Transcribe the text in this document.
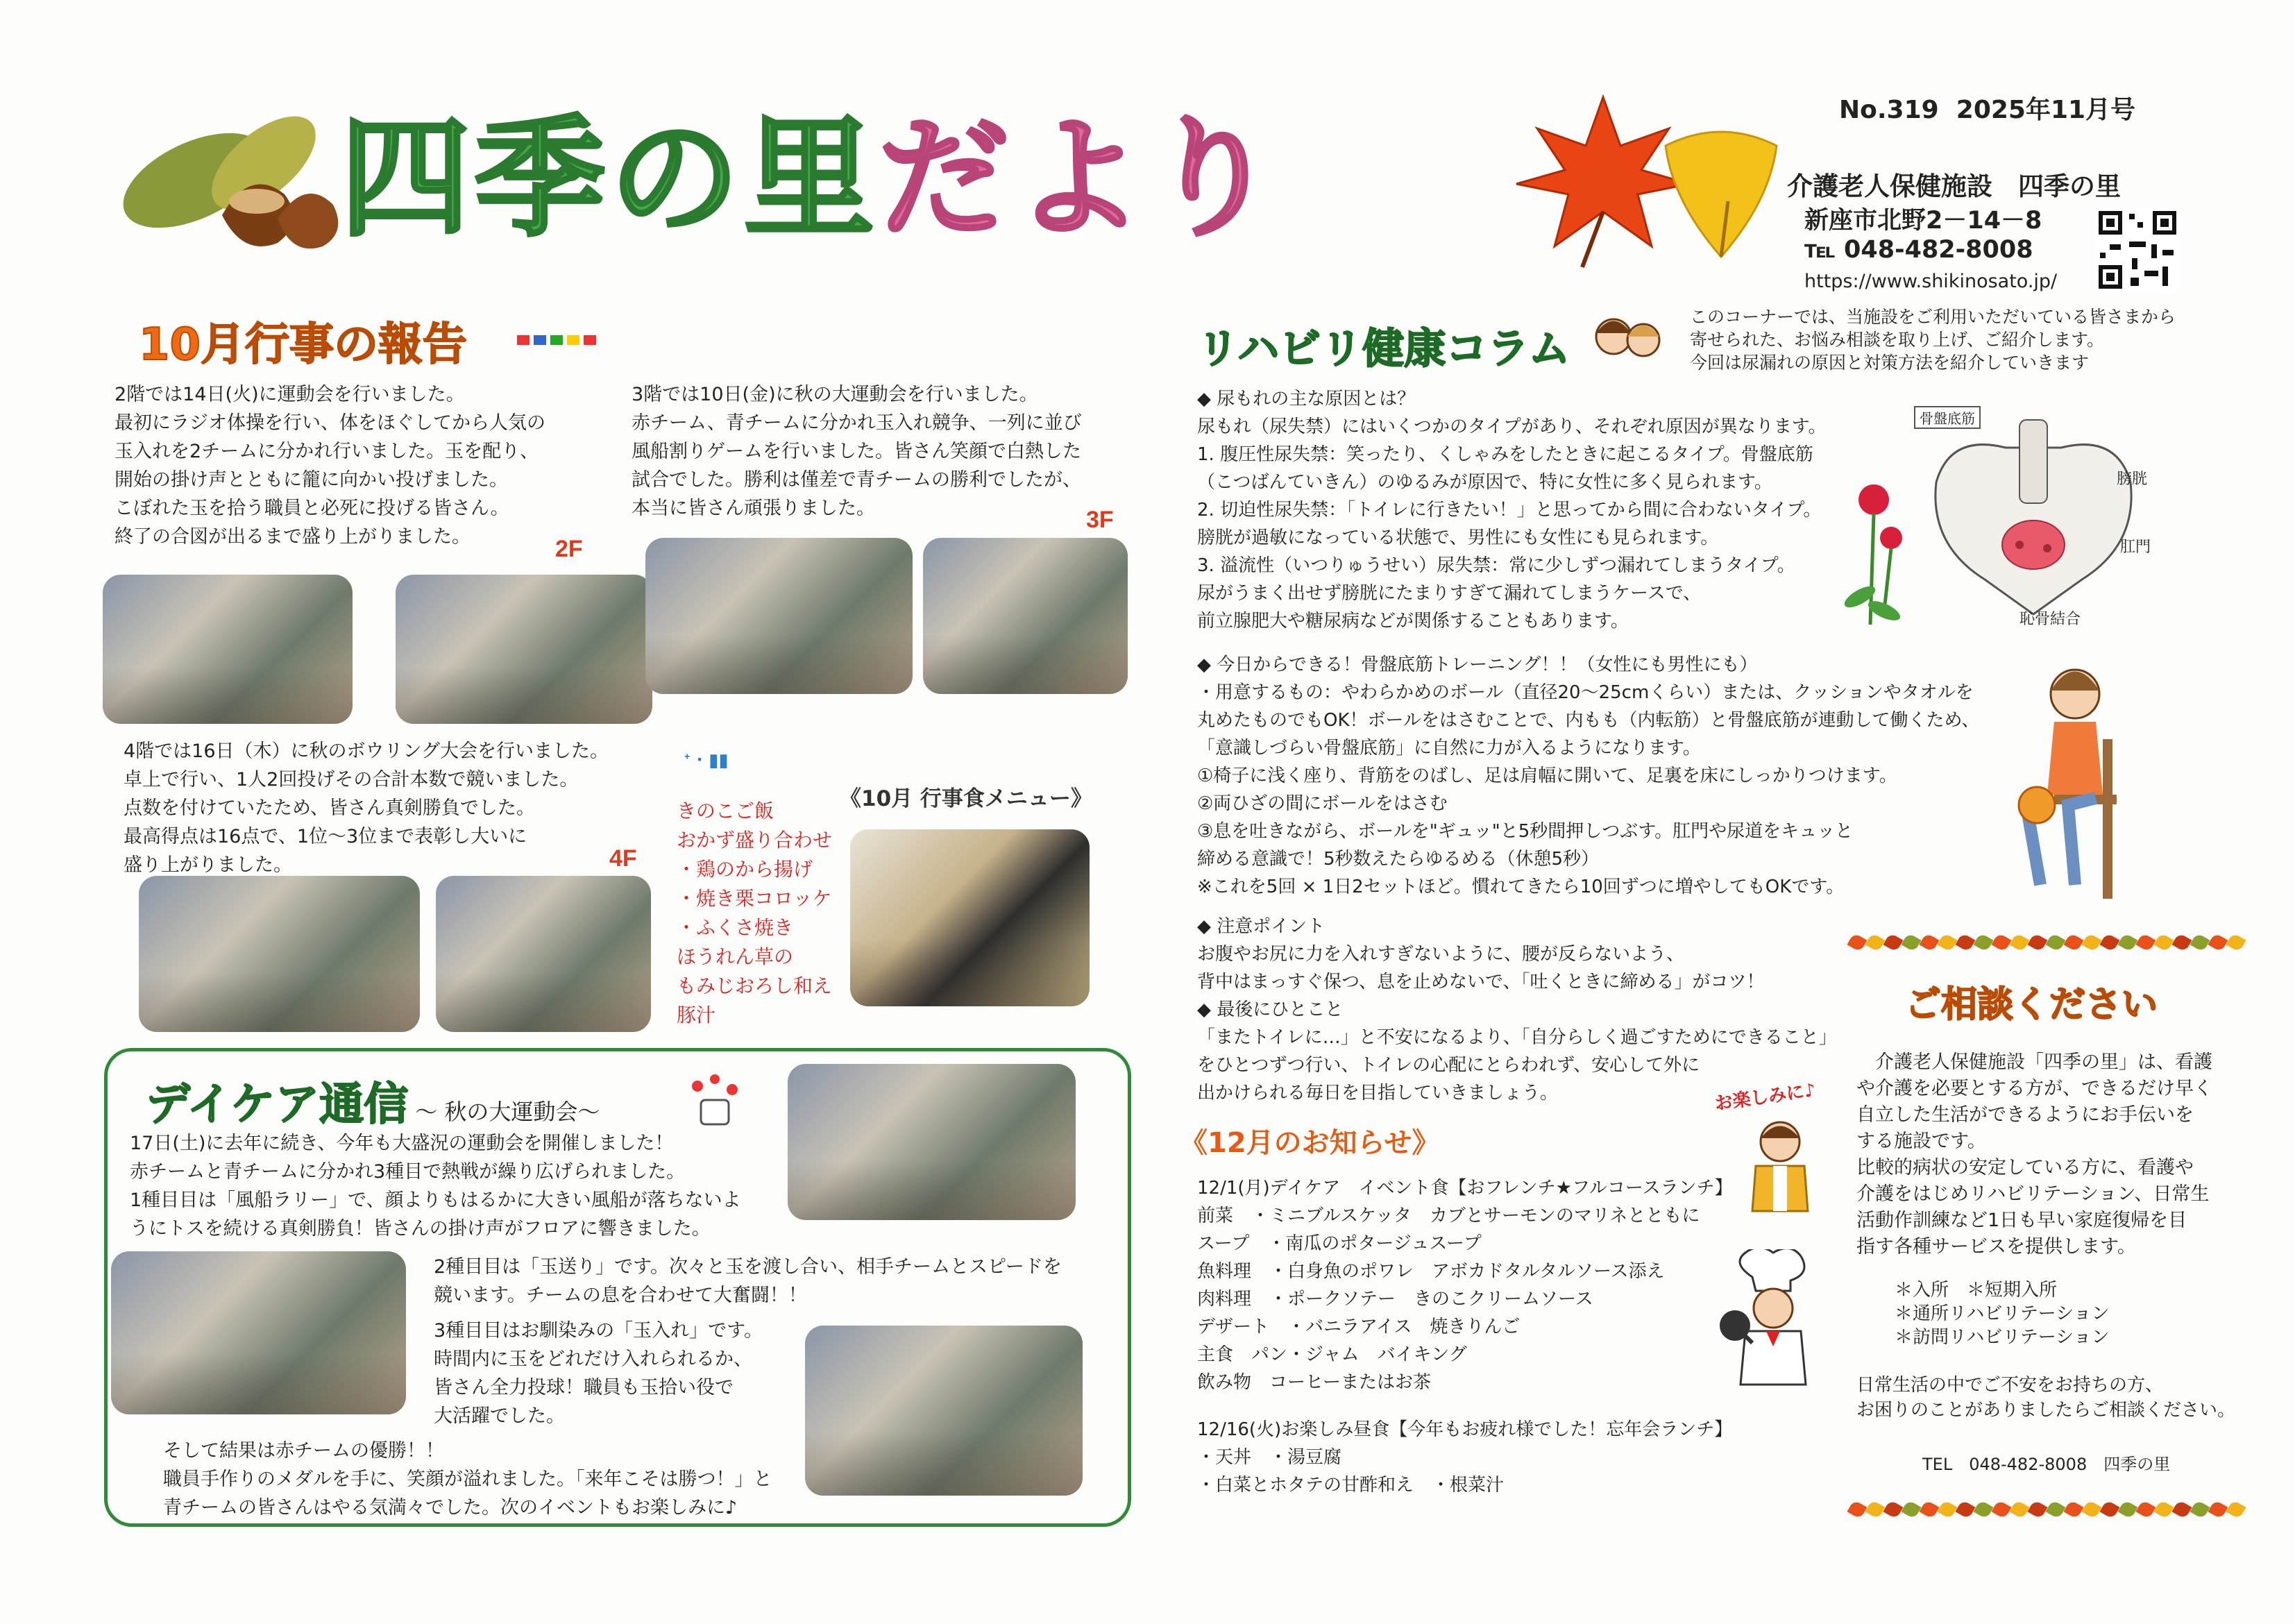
四季の里だより	No.319 2025年11月号
介護老人保健施設　四季の里
新座市北野2－14－8
℡ 048-482-8008
https://www.shikinosato.jp/
10月行事の報告
2階では14日(火)に運動会を行いました。
最初にラジオ体操を行い、体をほぐしてから人気の
玉入れを2チームに分かれ行いました。玉を配り、
開始の掛け声とともに籠に向かい投げました。
こぼれた玉を拾う職員と必死に投げる皆さん。
終了の合図が出るまで盛り上がりました。	2F
3階では10日(金)に秋の大運動会を行いました。
赤チーム、青チームに分かれ玉入れ競争、一列に並び
風船割りゲームを行いました。皆さん笑顔で白熱した
試合でした。勝利は僅差で青チームの勝利でしたが、
本当に皆さん頑張りました。	3F
4階では16日（木）に秋のボウリング大会を行いました。
卓上で行い、1人2回投げその合計本数で競いました。
点数を付けていたため、皆さん真剣勝負でした。
最高得点は16点で、1位～3位まで表彰し大いに
盛り上がりました。	4F
ᐩ・▮▮
《10月 行事食メニュー》
きのこご飯
おかず盛り合わせ
・鶏のから揚げ
・焼き栗コロッケ
・ふくさ焼き
ほうれん草の
もみじおろし和え
豚汁
デイケア通信 ～ 秋の大運動会～
17日(土)に去年に続き、今年も大盛況の運動会を開催しました！
赤チームと青チームに分かれ3種目で熱戦が繰り広げられました。
1種目目は「風船ラリー」で、顔よりもはるかに大きい風船が落ちないよ
うにトスを続ける真剣勝負！皆さんの掛け声がフロアに響きました。
2種目目は「玉送り」です。次々と玉を渡し合い、相手チームとスピードを
競います。チームの息を合わせて大奮闘！！
3種目目はお馴染みの「玉入れ」です。
時間内に玉をどれだけ入れられるか、
皆さん全力投球！職員も玉拾い役で
大活躍でした。
そして結果は赤チームの優勝！！
職員手作りのメダルを手に、笑顔が溢れました。「来年こそは勝つ！」と
青チームの皆さんはやる気満々でした。次のイベントもお楽しみに♪
リハビリ健康コラム
このコーナーでは、当施設をご利用いただいている皆さまから
寄せられた、お悩み相談を取り上げ、ご紹介します。
今回は尿漏れの原因と対策方法を紹介していきます
◆ 尿もれの主な原因とは？
尿もれ（尿失禁）にはいくつかのタイプがあり、それぞれ原因が異なります。
1. 腹圧性尿失禁：笑ったり、くしゃみをしたときに起こるタイプ。骨盤底筋
（こつばんていきん）のゆるみが原因で、特に女性に多く見られます。
2. 切迫性尿失禁：「トイレに行きたい！」と思ってから間に合わないタイプ。
膀胱が過敏になっている状態で、男性にも女性にも見られます。
3. 溢流性（いつりゅうせい）尿失禁：常に少しずつ漏れてしまうタイプ。
尿がうまく出せず膀胱にたまりすぎて漏れてしまうケースで、
前立腺肥大や糖尿病などが関係することもあります。
骨盤底筋
膀胱
肛門
恥骨結合
◆ 今日からできる！骨盤底筋トレーニング！！（女性にも男性にも）
・用意するもの：やわらかめのボール（直径20～25cmくらい）または、クッションやタオルを
丸めたものでもOK！ボールをはさむことで、内もも（内転筋）と骨盤底筋が連動して働くため、
「意識しづらい骨盤底筋」に自然に力が入るようになります。
①椅子に浅く座り、背筋をのばし、足は肩幅に開いて、足裏を床にしっかりつけます。
②両ひざの間にボールをはさむ
③息を吐きながら、ボールを"ギュッ"と5秒間押しつぶす。肛門や尿道をキュッと
締める意識で！5秒数えたらゆるめる（休憩5秒）
※これを5回 × 1日2セットほど。慣れてきたら10回ずつに増やしてもOKです。
◆ 注意ポイント
お腹やお尻に力を入れすぎないように、腰が反らないよう、
背中はまっすぐ保つ、息を止めないで、「吐くときに締める」がコツ！
◆ 最後にひとこと
「またトイレに…」と不安になるより、「自分らしく過ごすためにできること」
をひとつずつ行い、トイレの心配にとらわれず、安心して外に
出かけられる毎日を目指していきましょう。
《12月のお知らせ》
お楽しみに♪
12/1(月)デイケア　イベント食【おフレンチ★フルコースランチ】
前菜　・ミニブルスケッタ　カブとサーモンのマリネとともに
スープ　・南瓜のポタージュスープ
魚料理　・白身魚のポワレ　アボカドタルタルソース添え
肉料理　・ポークソテー　きのこクリームソース
デザート　・バニラアイス　焼きりんご
主食　パン・ジャム　バイキング
飲み物　コーヒーまたはお茶
12/16(火)お楽しみ昼食【今年もお疲れ様でした！忘年会ランチ】
・天丼　・湯豆腐
・白菜とホタテの甘酢和え　・根菜汁
ご相談ください
介護老人保健施設「四季の里」は、看護
や介護を必要とする方が、できるだけ早く
自立した生活ができるようにお手伝いを
する施設です。
比較的病状の安定している方に、看護や
介護をはじめリハビリテーション、日常生
活動作訓練など1日も早い家庭復帰を目
指す各種サービスを提供します。
＊入所　＊短期入所
＊通所リハビリテーション
＊訪問リハビリテーション
日常生活の中でご不安をお持ちの方、
お困りのことがありましたらご相談ください。
TEL　048-482-8008　四季の里
